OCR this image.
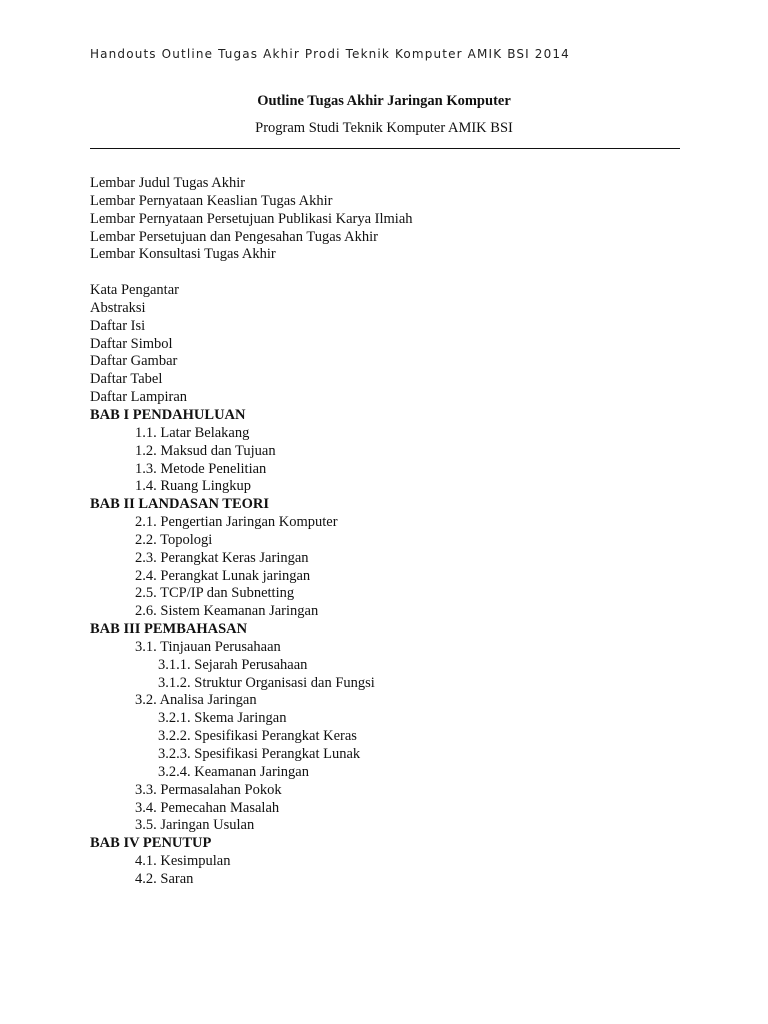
Handouts Outline Tugas Akhir Prodi Teknik Komputer AMIK BSI 2014
Outline Tugas Akhir Jaringan Komputer
Program Studi Teknik Komputer AMIK BSI
Lembar Judul Tugas Akhir
Lembar Pernyataan Keaslian Tugas Akhir
Lembar Pernyataan Persetujuan Publikasi Karya Ilmiah
Lembar Persetujuan dan Pengesahan Tugas Akhir
Lembar Konsultasi Tugas Akhir
Kata Pengantar
Abstraksi
Daftar Isi
Daftar Simbol
Daftar Gambar
Daftar Tabel
Daftar Lampiran
BAB I PENDAHULUAN
1.1. Latar Belakang
1.2. Maksud dan Tujuan
1.3. Metode Penelitian
1.4. Ruang Lingkup
BAB II LANDASAN TEORI
2.1. Pengertian Jaringan Komputer
2.2. Topologi
2.3. Perangkat Keras Jaringan
2.4. Perangkat Lunak jaringan
2.5. TCP/IP dan Subnetting
2.6. Sistem Keamanan Jaringan
BAB III PEMBAHASAN
3.1. Tinjauan Perusahaan
3.1.1. Sejarah Perusahaan
3.1.2. Struktur Organisasi dan Fungsi
3.2. Analisa Jaringan
3.2.1. Skema Jaringan
3.2.2. Spesifikasi Perangkat Keras
3.2.3. Spesifikasi Perangkat Lunak
3.2.4. Keamanan Jaringan
3.3. Permasalahan Pokok
3.4. Pemecahan Masalah
3.5. Jaringan Usulan
BAB IV PENUTUP
4.1. Kesimpulan
4.2. Saran
